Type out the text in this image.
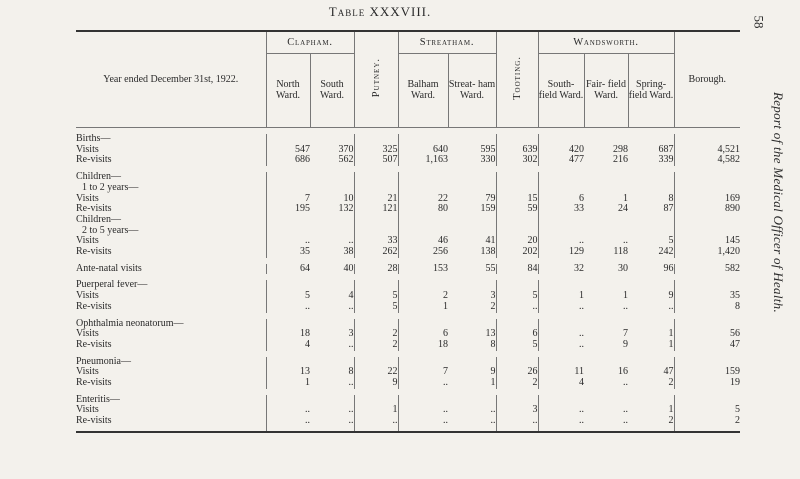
Table XXXVIII.
58
Report of the Medical Officer of Health.
Year ended December 31st, 1922.	Clapham.		Putney.	Streatham.		Tooting.	Wandsworth.			Borough.
	North Ward.	South Ward.		Balham Ward.	Streat- ham Ward.		South- field Ward.	Fair- field Ward.	Spring- field Ward.	

Births—										
Visits	547	370	325	640	595	639	420	298	687	4,521
Re-visits	686	562	507	1,163	330	302	477	216	339	4,582

Children—										
1 to 2 years—										
Visits	7	10	21	22	79	15	6	1	8	169
Re-visits	195	132	121	80	159	59	33	24	87	890
Children—										
2 to 5 years—										
Visits	..	..	33	46	41	20	..	..	5	145
Re-visits	35	38	262	256	138	202	129	118	242	1,420

Ante-natal visits	64	40	28	153	55	84	32	30	96	582

Puerperal fever—										
Visits	5	4	5	2	3	5	1	1	9	35
Re-visits	..	..	5	1	2	..	..	..	..	8

Ophthalmia neonatorum—										
Visits	18	3	2	6	13	6	..	7	1	56
Re-visits	4	..	2	18	8	5	..	9	1	47

Pneumonia—										
Visits	13	8	22	7	9	26	11	16	47	159
Re-visits	1	..	9	..	1	2	4	..	2	19

Enteritis—										
Visits	..	..	1	..	..	3	..	..	1	5
Re-visits	..	..	..	..	..	..	..	..	2	2
